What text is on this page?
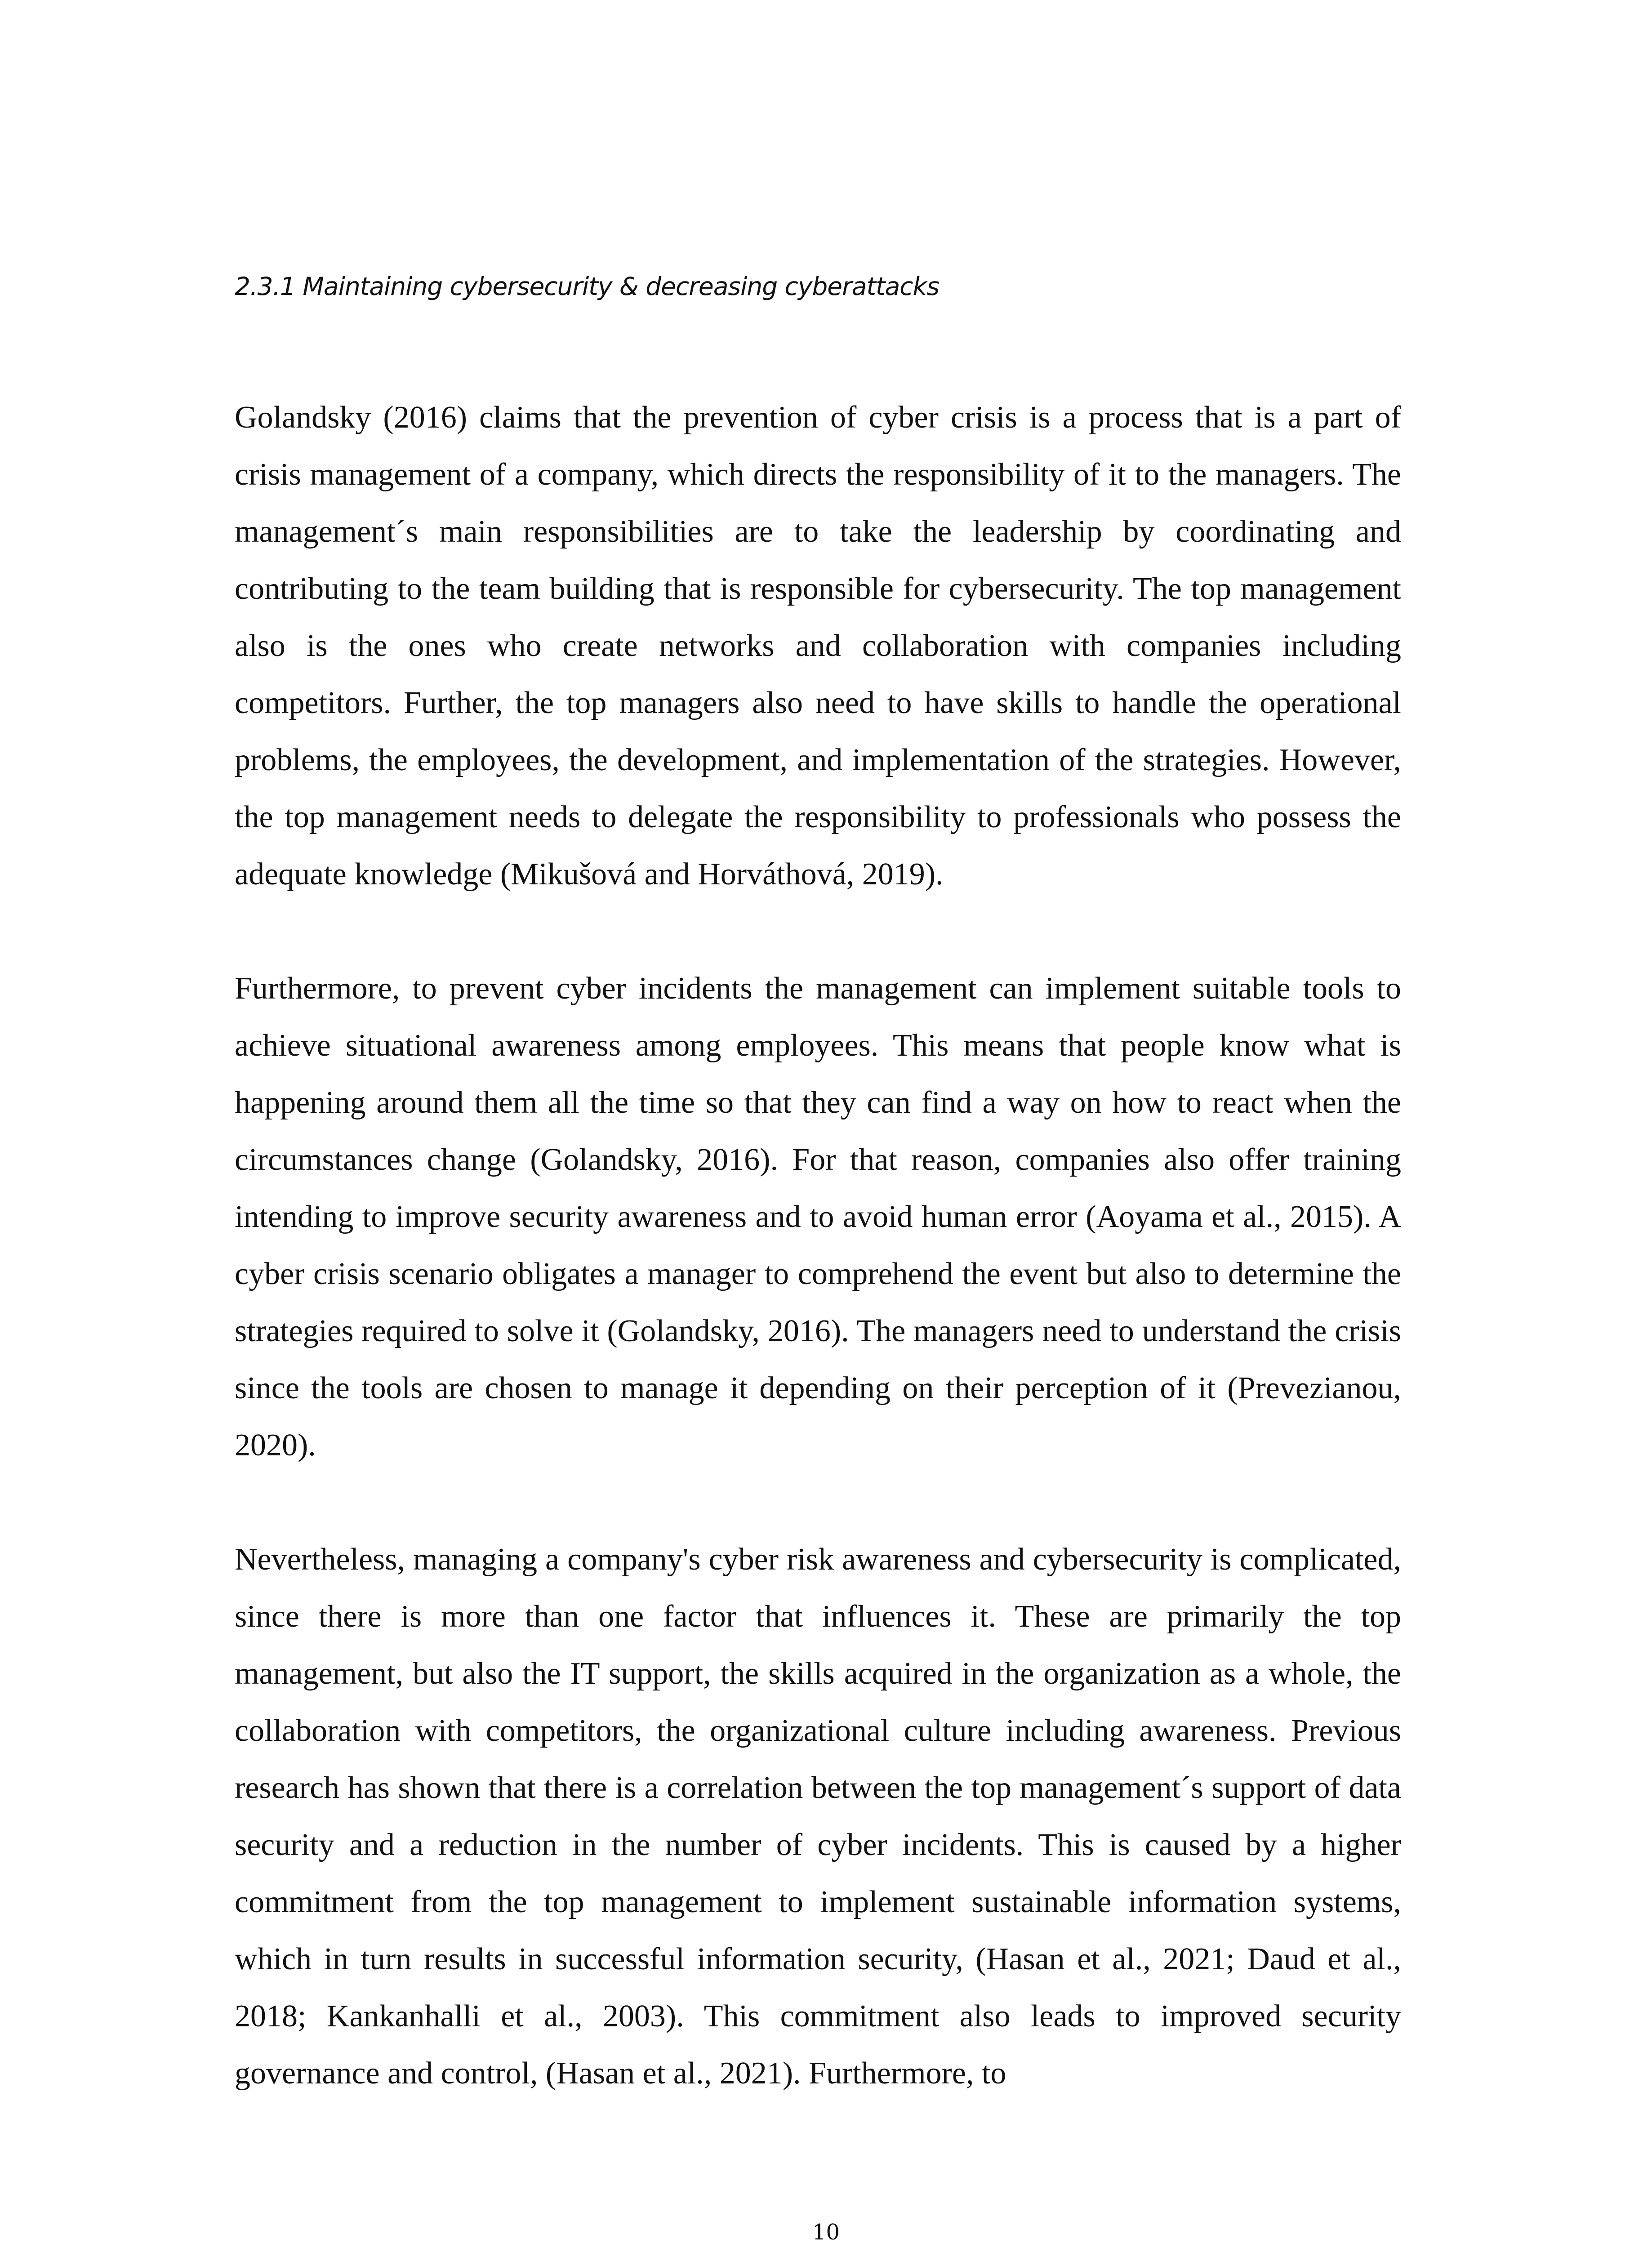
2.3.1 Maintaining cybersecurity & decreasing cyberattacks

Golandsky (2016) claims that the prevention of cyber crisis is a process that is a part of crisis management of a company, which directs the responsibility of it to the managers. The management´s main responsibilities are to take the leadership by coordinating and contributing to the team building that is responsible for cybersecurity. The top management also is the ones who create networks and collaboration with companies including competitors. Further, the top managers also need to have skills to handle the operational problems, the employees, the development, and implementation of the strategies. However, the top management needs to delegate the responsibility to professionals who possess the adequate knowledge (Mikušová and Horváthová, 2019).

Furthermore, to prevent cyber incidents the management can implement suitable tools to achieve situational awareness among employees. This means that people know what is happening around them all the time so that they can find a way on how to react when the circumstances change (Golandsky, 2016). For that reason, companies also offer training intending to improve security awareness and to avoid human error (Aoyama et al., 2015). A cyber crisis scenario obligates a manager to comprehend the event but also to determine the strategies required to solve it (Golandsky, 2016). The managers need to understand the crisis since the tools are chosen to manage it depending on their perception of it (Prevezianou, 2020).

Nevertheless, managing a company's cyber risk awareness and cybersecurity is complicated, since there is more than one factor that influences it. These are primarily the top management, but also the IT support, the skills acquired in the organization as a whole, the collaboration with competitors, the organizational culture including awareness. Previous research has shown that there is a correlation between the top management´s support of data security and a reduction in the number of cyber incidents. This is caused by a higher commitment from the top management to implement sustainable information systems, which in turn results in successful information security, (Hasan et al., 2021; Daud et al., 2018; Kankanhalli et al., 2003). This commitment also leads to improved security governance and control, (Hasan et al., 2021). Furthermore, to

10
